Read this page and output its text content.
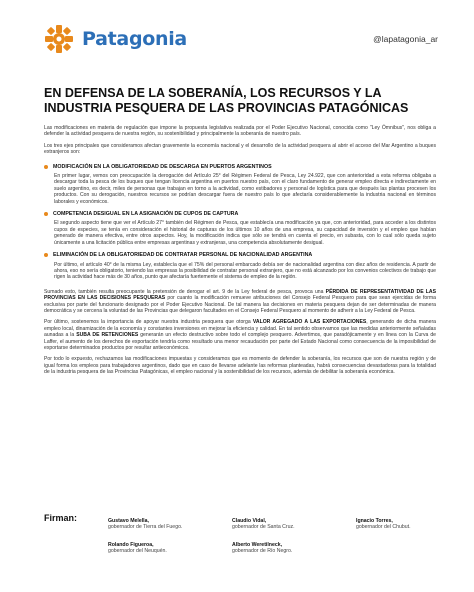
Patagonia	@lapatagonia_ar
EN DEFENSA DE LA SOBERANÍA, LOS RECURSOS Y LA INDUSTRIA PESQUERA DE LAS PROVINCIAS PATAGÓNICAS

Las modificaciones en materia de regulación que impone la propuesta legislativa realizada por el Poder Ejecutivo Nacional, conocida como "Ley Ómnibus", nos obliga a defender la actividad pesquera de nuestra región, su sostenibilidad y principalmente la soberanía de nuestro país.

Los tres ejes principales que consideramos afectan gravemente la economía nacional y el desarrollo de la actividad pesquera al abrir el acceso del Mar Argentino a buques extranjeros son:

MODIFICACIÓN EN LA OBLIGATORIEDAD DE DESCARGA EN PUERTOS ARGENTINOS
En primer lugar, vemos con preocupación la derogación del Artículo 25° del Régimen Federal de Pesca, Ley 24.922, que con anterioridad a esta reforma obligaba a descargar toda la pesca de los buques que tengan licencia argentina en puertos nuestro país, con el claro fundamento de generar empleo directa e indirectamente en suelo argentino, es decir, miles de personas que trabajan en torno a la actividad, como estibadores y personal de logística para que después las plantas procesen los productos. Con su derogación, nuestros recursos se podrían descargar fuera de nuestro país lo que afectaría considerablemente la industria nacional en términos laborales y económicos.
COMPETENCIA DESIGUAL EN LA ASIGNACIÓN DE CUPOS DE CAPTURA
El segundo aspecto tiene que ver el Artículo 27° también del Régimen de Pesca, que establecía una modificación ya que, con anterioridad, para acceder a los distintos cupos de especies, se tenía en consideración el historial de capturas de los últimos 10 años de una empresa, su capacidad de inversión y el empleo que habían generado de manera efectiva, entre otros aspectos. Hoy, la modificación indica que sólo se tendrá en cuenta el precio, en subasta, con lo cual sólo queda sujeto únicamente a una licitación pública entre empresas argentinas y extranjeras, una competencia absolutamente desigual.
ELIMINACIÓN DE LA OBLIGATORIEDAD DE CONTRATAR PERSONAL DE NACIONALIDAD ARGENTINA
Por último, el artículo 40° de la misma Ley, establecía que el 75% del personal embarcado debía ser de nacionalidad argentina con diez años de residencia. A partir de ahora, eso no sería obligatorio, teniendo las empresas la posibilidad de contratar personal extranjero, que no está alcanzado por los convenios colectivos de trabajo que rigen la actividad hace más de 30 años, punto que afectaría fuertemente el sistema de empleo de la región.

Sumado esto, también resulta preocupante la pretensión de derogar el art. 9 de la Ley federal de pesca, provoca una PÉRDIDA DE REPRESENTATIVIDAD DE LAS PROVINCIAS EN LAS DECISIONES PESQUERAS por cuanto la modificación remueve atribuciones del Consejo Federal Pesquero para que sean ejercidas de forma exclusiva por parte del funcionario designado por el Poder Ejecutivo Nacional. De tal manera las decisiones en materia pesquera dejan de ser determinadas de manera democrática y se cercena la voluntad de las Provincias que delegaron facultades en el Consejo Federal Pesquero al momento de adherir a la Ley Federal de Pesca.

Por último, sostenemos la importancia de apoyar nuestra industria pesquera que otorga VALOR AGREGADO A LAS EXPORTACIONES, generando de dicha manera empleo local, dinamización de la economía y constantes inversiones en mejorar la eficiencia y calidad. En tal sentido observamos que las medidas anteriormente señaladas aunadas a la SUBA DE RETENCIONES generarán un efecto destructivo sobre todo el complejo pesquero. Advertimos, que paradójicamente y en línea con la Curva de Laffer, el aumento de los derechos de exportación tendría como resultado una menor recaudación por parte del Estado Nacional como consecuencia de la imposibilidad de exportarse determinados productos por resultar antieconómicos.

Por todo lo expuesto, rechazamos las modificaciones impuestas y consideramos que es momento de defender la soberanía, los recursos que son de nuestra región y de igual forma los empleos para trabajadores argentinos, dado que en caso de llevarse adelante las reformas planteadas, habrá consecuencias devastadoras para la totalidad de la industria pesquera de las Provincias Patagónicas, el empleo nacional y la sostenibilidad de los recursos, además de debilitar la soberanía económica.

Firman:	Gustavo Melella,
gobernador de Tierra del Fuego.
Claudio Vidal,
gobernador de Santa Cruz.
Ignacio Torres,
gobernador del Chubut.
Rolando Figueroa,
gobernador del Neuquén.
Alberto Weretilneck,
gobernador de Río Negro.
